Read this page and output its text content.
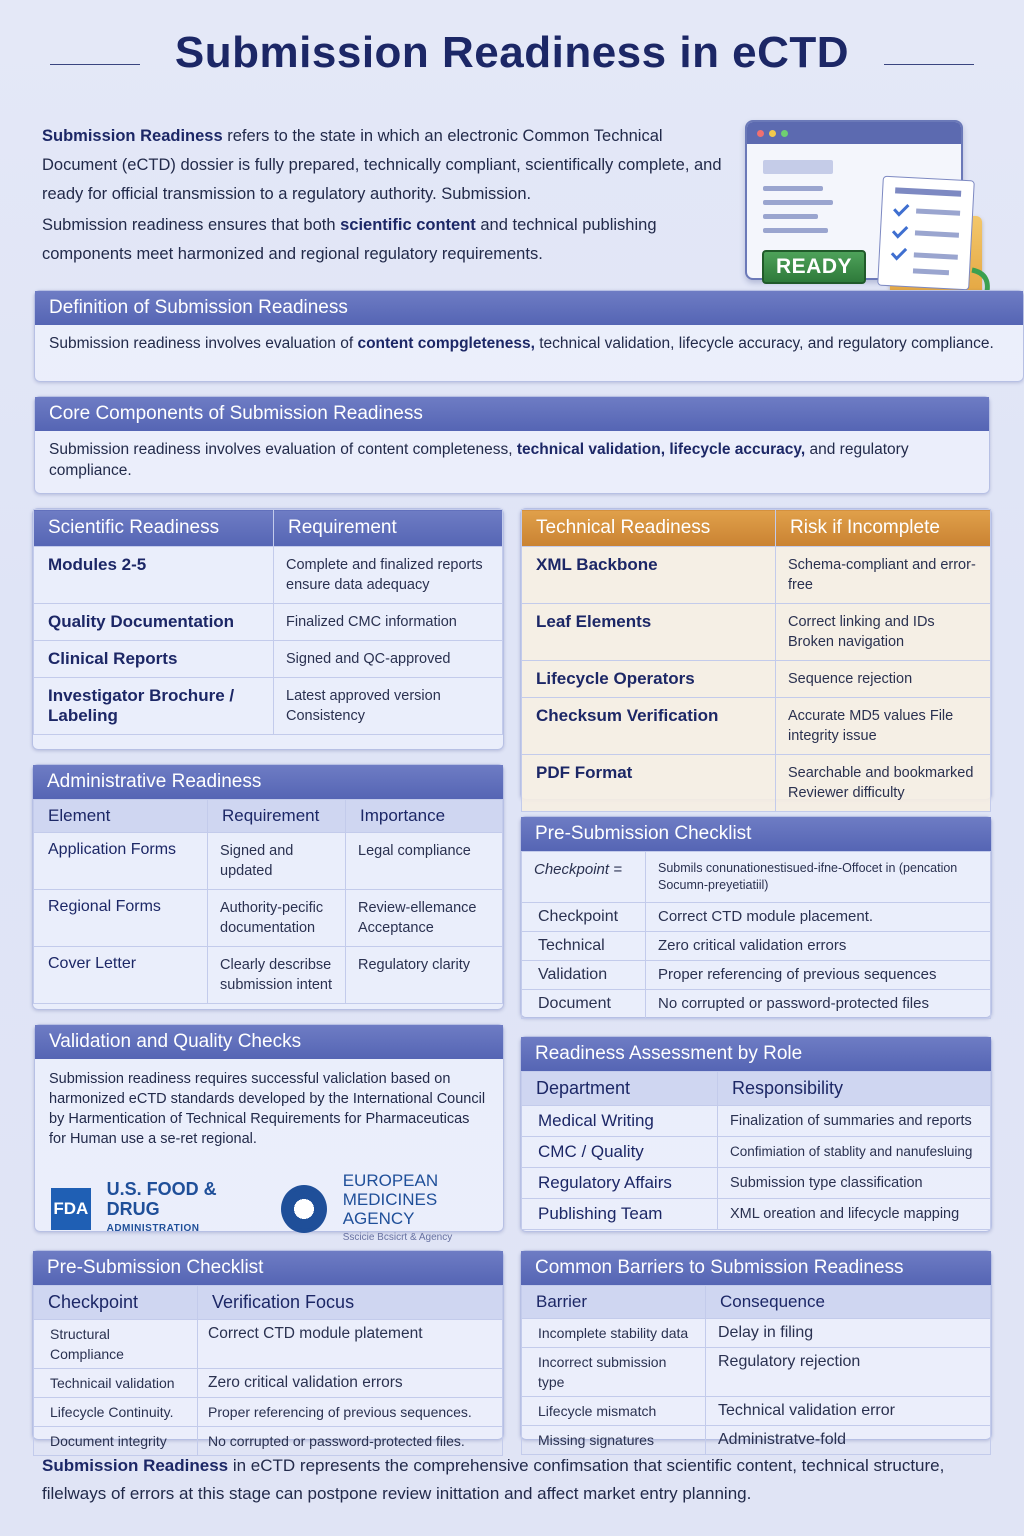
Submission Readiness in eCTD

Submission Readiness refers to the state in which an electronic Common Technical Document (eCTD) dossier is fully prepared, technically compliant, scientifically complete, and ready for official transmission to a regulatory authority. Submission.

Submission readiness ensures that both scientific content and technical publishing components meet harmonized and regional regulatory requirements.

READY
Definition of Submission Readiness
Submission readiness involves evaluation of content compgleteness, technical validation, lifecycle accuracy, and regulatory compliance.
Core Components of Submission Readiness
Submission readiness involves evaluation of content completeness, technical validation, lifecycle accuracy, and regulatory compliance.
Scientific Readiness	Requirement
Modules 2-5	Complete and finalized reports ensure data adequacy
Quality Documentation	Finalized CMC information
Clinical Reports	Signed and QC-approved
Investigator Brochure / Labeling	Latest approved version Consistency
Technical Readiness	Risk if Incomplete
XML Backbone	Schema-compliant and error-free
Leaf Elements	Correct linking and IDs Broken navigation
Lifecycle Operators	Sequence rejection
Checksum Verification	Accurate MD5 values File integrity issue
PDF Format	Searchable and bookmarked Reviewer difficulty
Administrative Readiness
Element	Requirement	Importance
Application Forms	Signed and updated	Legal compliance
Regional Forms	Authority-pecific documentation	Review-ellemance Acceptance
Cover Letter	Clearly describse submission intent	Regulatory clarity
Pre-Submission Checklist
Checkpoint =	Submils conunationestisued-ifne-Offocet in (pencation Socumn-preyetiatiil)
Checkpoint	Correct CTD module placement.
Technical	Zero critical validation errors
Validation	Proper referencing of previous sequences
Document	No corrupted or password-protected files
Validation and Quality Checks
Submission readiness requires successful valiclation based on harmonized eCTD standards developed by the International Council by Harmentication of Technical Requirements for Pharmaceuticas for Human use a se-ret regional.
FDA
U.S. FOOD & DRUG
ADMINISTRATION
EUROPEAN MEDICINES AGENCY
Sscicie Bcsicrt & Agency
Readiness Assessment by Role
Department	Responsibility
Medical Writing	Finalization of summaries and reports
CMC / Quality	Confimiation of stablity and nanufesluing
Regulatory Affairs	Submission type classification
Publishing Team	XML oreation and lifecycle mapping
Pre-Submission Checklist
Checkpoint	Verification Focus
Structural Compliance	Correct CTD module platement
Technicail validation	Zero critical validation errors
Lifecycle Continuity.	Proper referencing of previous sequences.
Document integrity	No corrupted or password-protected files.
Common Barriers to Submission Readiness
Barrier	Consequence
Incomplete stability data	Delay in filing
Incorrect submission type	Regulatory rejection
Lifecycle mismatch	Technical validation error
Missing signatures	Administratve-fold
Submission Readiness in eCTD represents the comprehensive confimsation that scientific content, technical structure, filelways of errors at this stage can postpone review inittation and affect market entry planning.
